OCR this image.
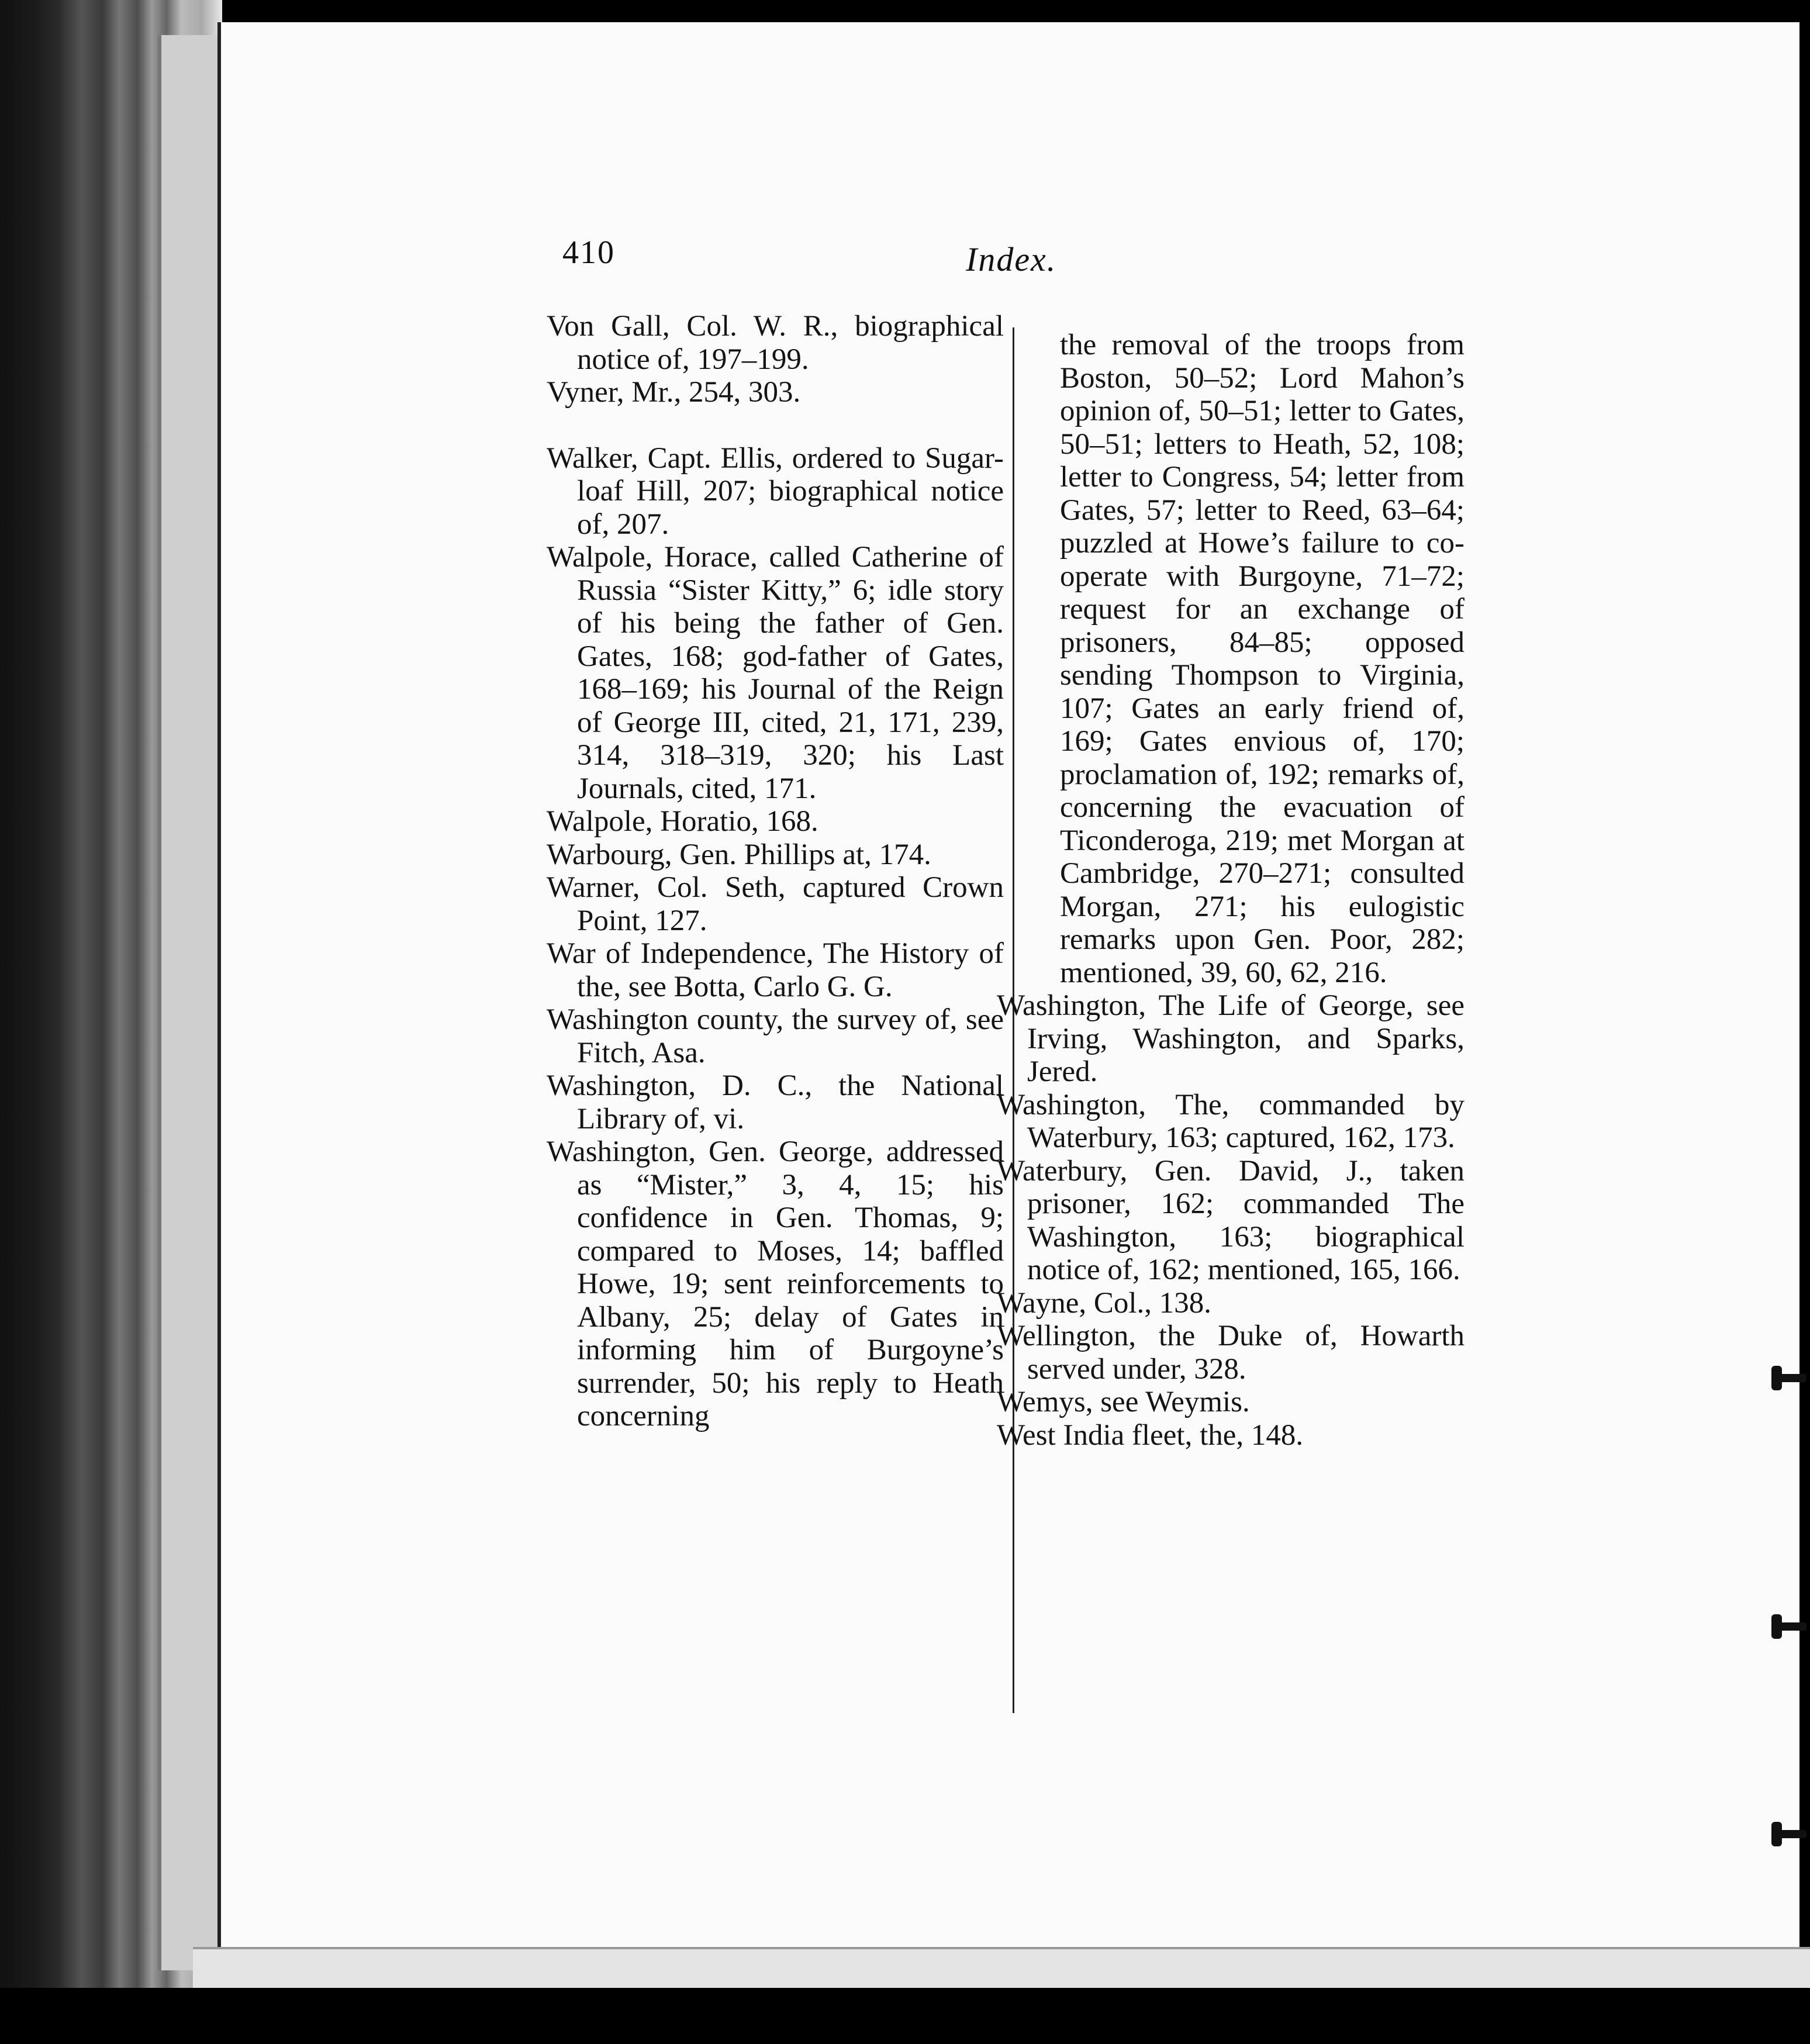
410	Index.

Von Gall, Col. W. R., biographical notice of, 197–199.

Vyner, Mr., 254, 303.

Walker, Capt. Ellis, ordered to Sugar-loaf Hill, 207; biographical notice of, 207.

Walpole, Horace, called Catherine of Russia “Sister Kitty,” 6; idle story of his being the father of Gen. Gates, 168; god-father of Gates, 168–169; his Journal of the Reign of George III, cited, 21, 171, 239, 314, 318–319, 320; his Last Journals, cited, 171.

Walpole, Horatio, 168.

Warbourg, Gen. Phillips at, 174.

Warner, Col. Seth, captured Crown Point, 127.

War of Independence, The History of the, see Botta, Carlo G. G.

Washington county, the survey of, see Fitch, Asa.

Washington, D. C., the National Library of, vi.

Washington, Gen. George, addressed as “Mister,” 3, 4, 15; his confidence in Gen. Thomas, 9; compared to Moses, 14; baffled Howe, 19; sent reinforcements to Albany, 25; delay of Gates in informing him of Burgoyne’s surrender, 50; his reply to Heath concerning

the removal of the troops from Boston, 50–52; Lord Mahon’s opinion of, 50–51; letter to Gates, 50–51; letters to Heath, 52, 108; letter to Congress, 54; letter from Gates, 57; letter to Reed, 63–64; puzzled at Howe’s failure to co-operate with Burgoyne, 71–72; request for an exchange of prisoners, 84–85; opposed sending Thompson to Virginia, 107; Gates an early friend of, 169; Gates envious of, 170; proclamation of, 192; remarks of, concerning the evacuation of Ticonderoga, 219; met Morgan at Cambridge, 270–271; consulted Morgan, 271; his eulogistic remarks upon Gen. Poor, 282; mentioned, 39, 60, 62, 216.

Washington, The Life of George, see Irving, Washington, and Sparks, Jered.

Washington, The, commanded by Waterbury, 163; captured, 162, 173.

Waterbury, Gen. David, J., taken prisoner, 162; commanded The Washington, 163; biographical notice of, 162; mentioned, 165, 166.

Wayne, Col., 138.

Wellington, the Duke of, Howarth served under, 328.

Wemys, see Weymis.

West India fleet, the, 148.
